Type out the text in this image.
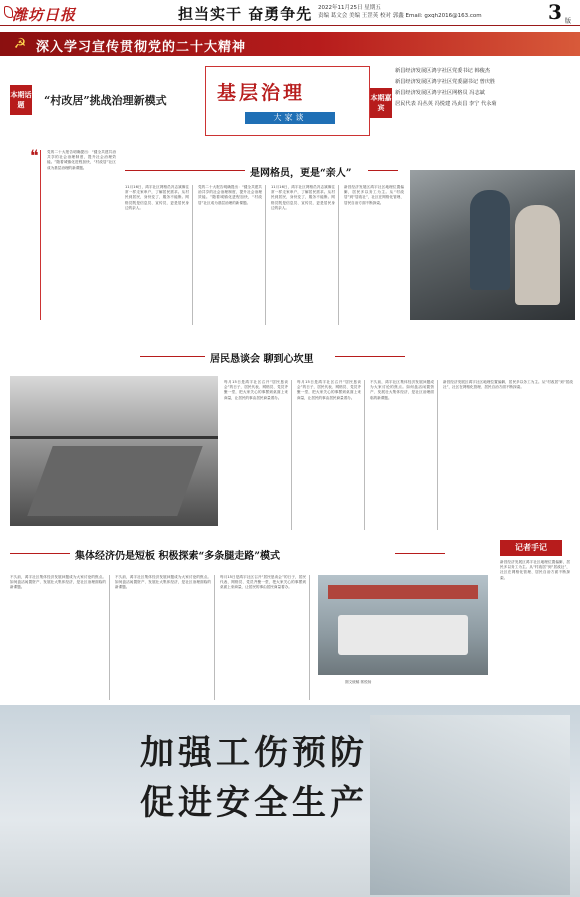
潍坊日报	担当实干 奋勇争先 2022年11月25日 星期五
责编 葛文会 美编 王罡英 校对 郭鑫 Email: gxqh2016@163.com	3 版
☭ 深入学习宣传贯彻党的二十大精神
本期话题	“村改居”挑战治理新模式	基层治理
大家谈
本期嘉宾
新昌经济发展区鸿宇社区党委书记 韩俊杰
新昌经济发展区鸿宇社区党委副书记 曾庆胜
新昌经济发展区鸿宇社区网格员 冯志斌
居民代表 冯丛英 冯悦建 冯贞昌 李宁 代永菊
❝	党的二十大报告明确提出：“健全共建共治共享的社会治理制度，提升社会治理效能。”随着城镇化进程加快，“村改居”社区成为基层治理的新课题。
是网格员，更是“亲人”
11月16日，鸿宇社区网格员冯志斌像往常一样走家串户，了解居民需求。从村民到居民，身份变了，服务不能断。网格员既是信息员、宣传员，更是居民身边的亲人。
党的二十大报告明确提出：“健全共建共治共享的社会治理制度，提升社会治理效能。”随着城镇化进程加快，“村改居”社区成为基层治理的新课题。
11月16日，鸿宇社区网格员冯志斌像往常一样走家串户，了解居民需求。从村民到居民，身份变了，服务不能断。网格员既是信息员、宣传员，更是居民身边的亲人。
新昌经济发展区鸿宇社区地理位置偏僻，居民多以务工为主。从“村改居”到“居改社”，社区在网格化管理、居民自治方面不断探索。
居民恳谈会 聊到心坎里
每月15日是鸿宇社区召开“居民恳谈会”的日子，居民代表、网格员、党员齐聚一堂，把大家关心的事摆到桌面上来商量，让居民的事由居民商量着办。
每月15日是鸿宇社区召开“居民恳谈会”的日子，居民代表、网格员、党员齐聚一堂，把大家关心的事摆到桌面上来商量，让居民的事由居民商量着办。
不久前，鸿宇社区集体经济发展问题成为大家讨论的焦点。如何盘活闲置资产、发展壮大集体经济，是社区治理面临的新课题。
新昌经济发展区鸿宇社区地理位置偏僻，居民多以务工为主。从“村改居”到“居改社”，社区在网格化管理、居民自治方面不断探索。
集体经济仍是短板 积极探索“多条腿走路”模式
不久前，鸿宇社区集体经济发展问题成为大家讨论的焦点。如何盘活闲置资产、发展壮大集体经济，是社区治理面临的新课题。
不久前，鸿宇社区集体经济发展问题成为大家讨论的焦点。如何盘活闲置资产、发展壮大集体经济，是社区治理面临的新课题。
每月15日是鸿宇社区召开“居民恳谈会”的日子，居民代表、网格员、党员齐聚一堂，把大家关心的事摆到桌面上来商量，让居民的事由居民商量着办。
图文统稿 郭悦扬
记者手记
新昌经济发展区鸿宇社区地理位置偏僻，居民多以务工为主。从“村改居”到“居改社”，社区在网格化管理、居民自治方面不断探索。
加强工伤预防
促进安全生产
